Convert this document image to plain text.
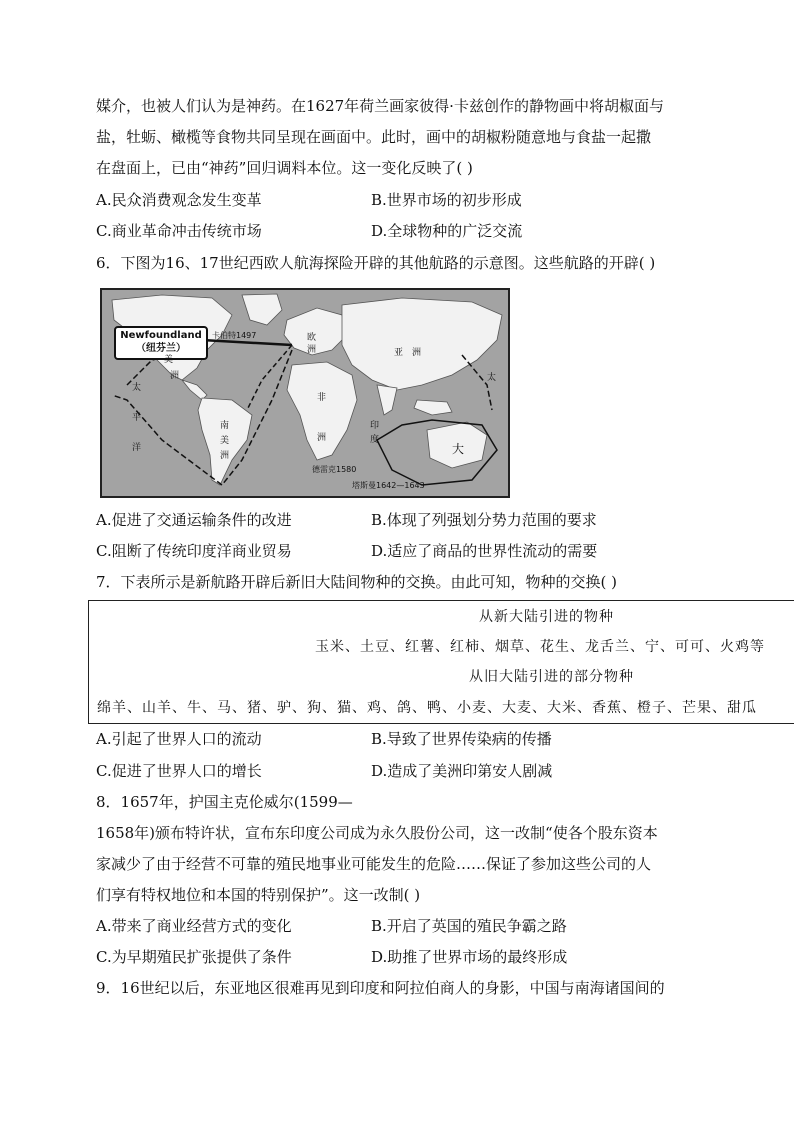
媒介，也被人们认为是神药。在1627年荷兰画家彼得·卡兹创作的静物画中将胡椒面与
盐，牡蛎、橄榄等食物共同呈现在画面中。此时，画中的胡椒粉随意地与食盐一起撒
在盘面上，已由“神药”回归调料本位。这一变化反映了( )
A.民众消费观念发生变革	B.世界市场的初步形成
C.商业革命冲击传统市场	D.全球物种的广泛交流
6．下图为16、17世纪西欧人航海探险开辟的其他航路的示意图。这些航路的开辟( )
Newfoundland
（纽芬兰）
美
洲
太
平
洋
南
美
洲
欧
洲	亚 洲
非
洲
印
度
太
大
卡伯特1497
德雷克1580
塔斯曼1642—1643
A.促进了交通运输条件的改进	B.体现了列强划分势力范围的要求
C.阻断了传统印度洋商业贸易	D.适应了商品的世界性流动的需要
7．下表所示是新航路开辟后新旧大陆间物种的交换。由此可知，物种的交换( )
从新大陆引进的物种
玉米、土豆、红薯、红柿、烟草、花生、龙舌兰、宁、可可、火鸡等
从旧大陆引进的部分物种
绵羊、山羊、牛、马、猪、驴、狗、猫、鸡、鸽、鸭、小麦、大麦、大米、香蕉、橙子、芒果、甜瓜
A.引起了世界人口的流动	B.导致了世界传染病的传播
C.促进了世界人口的增长	D.造成了美洲印第安人剧减
8．1657年，护国主克伦威尔(1599—
1658年)颁布特许状，宣布东印度公司成为永久股份公司，这一改制“使各个股东资本
家减少了由于经营不可靠的殖民地事业可能发生的危险……保证了参加这些公司的人
们享有特权地位和本国的特别保护”。这一改制( )
A.带来了商业经营方式的变化	B.开启了英国的殖民争霸之路
C.为早期殖民扩张提供了条件	D.助推了世界市场的最终形成
9．16世纪以后，东亚地区很难再见到印度和阿拉伯商人的身影，中国与南海诸国间的
